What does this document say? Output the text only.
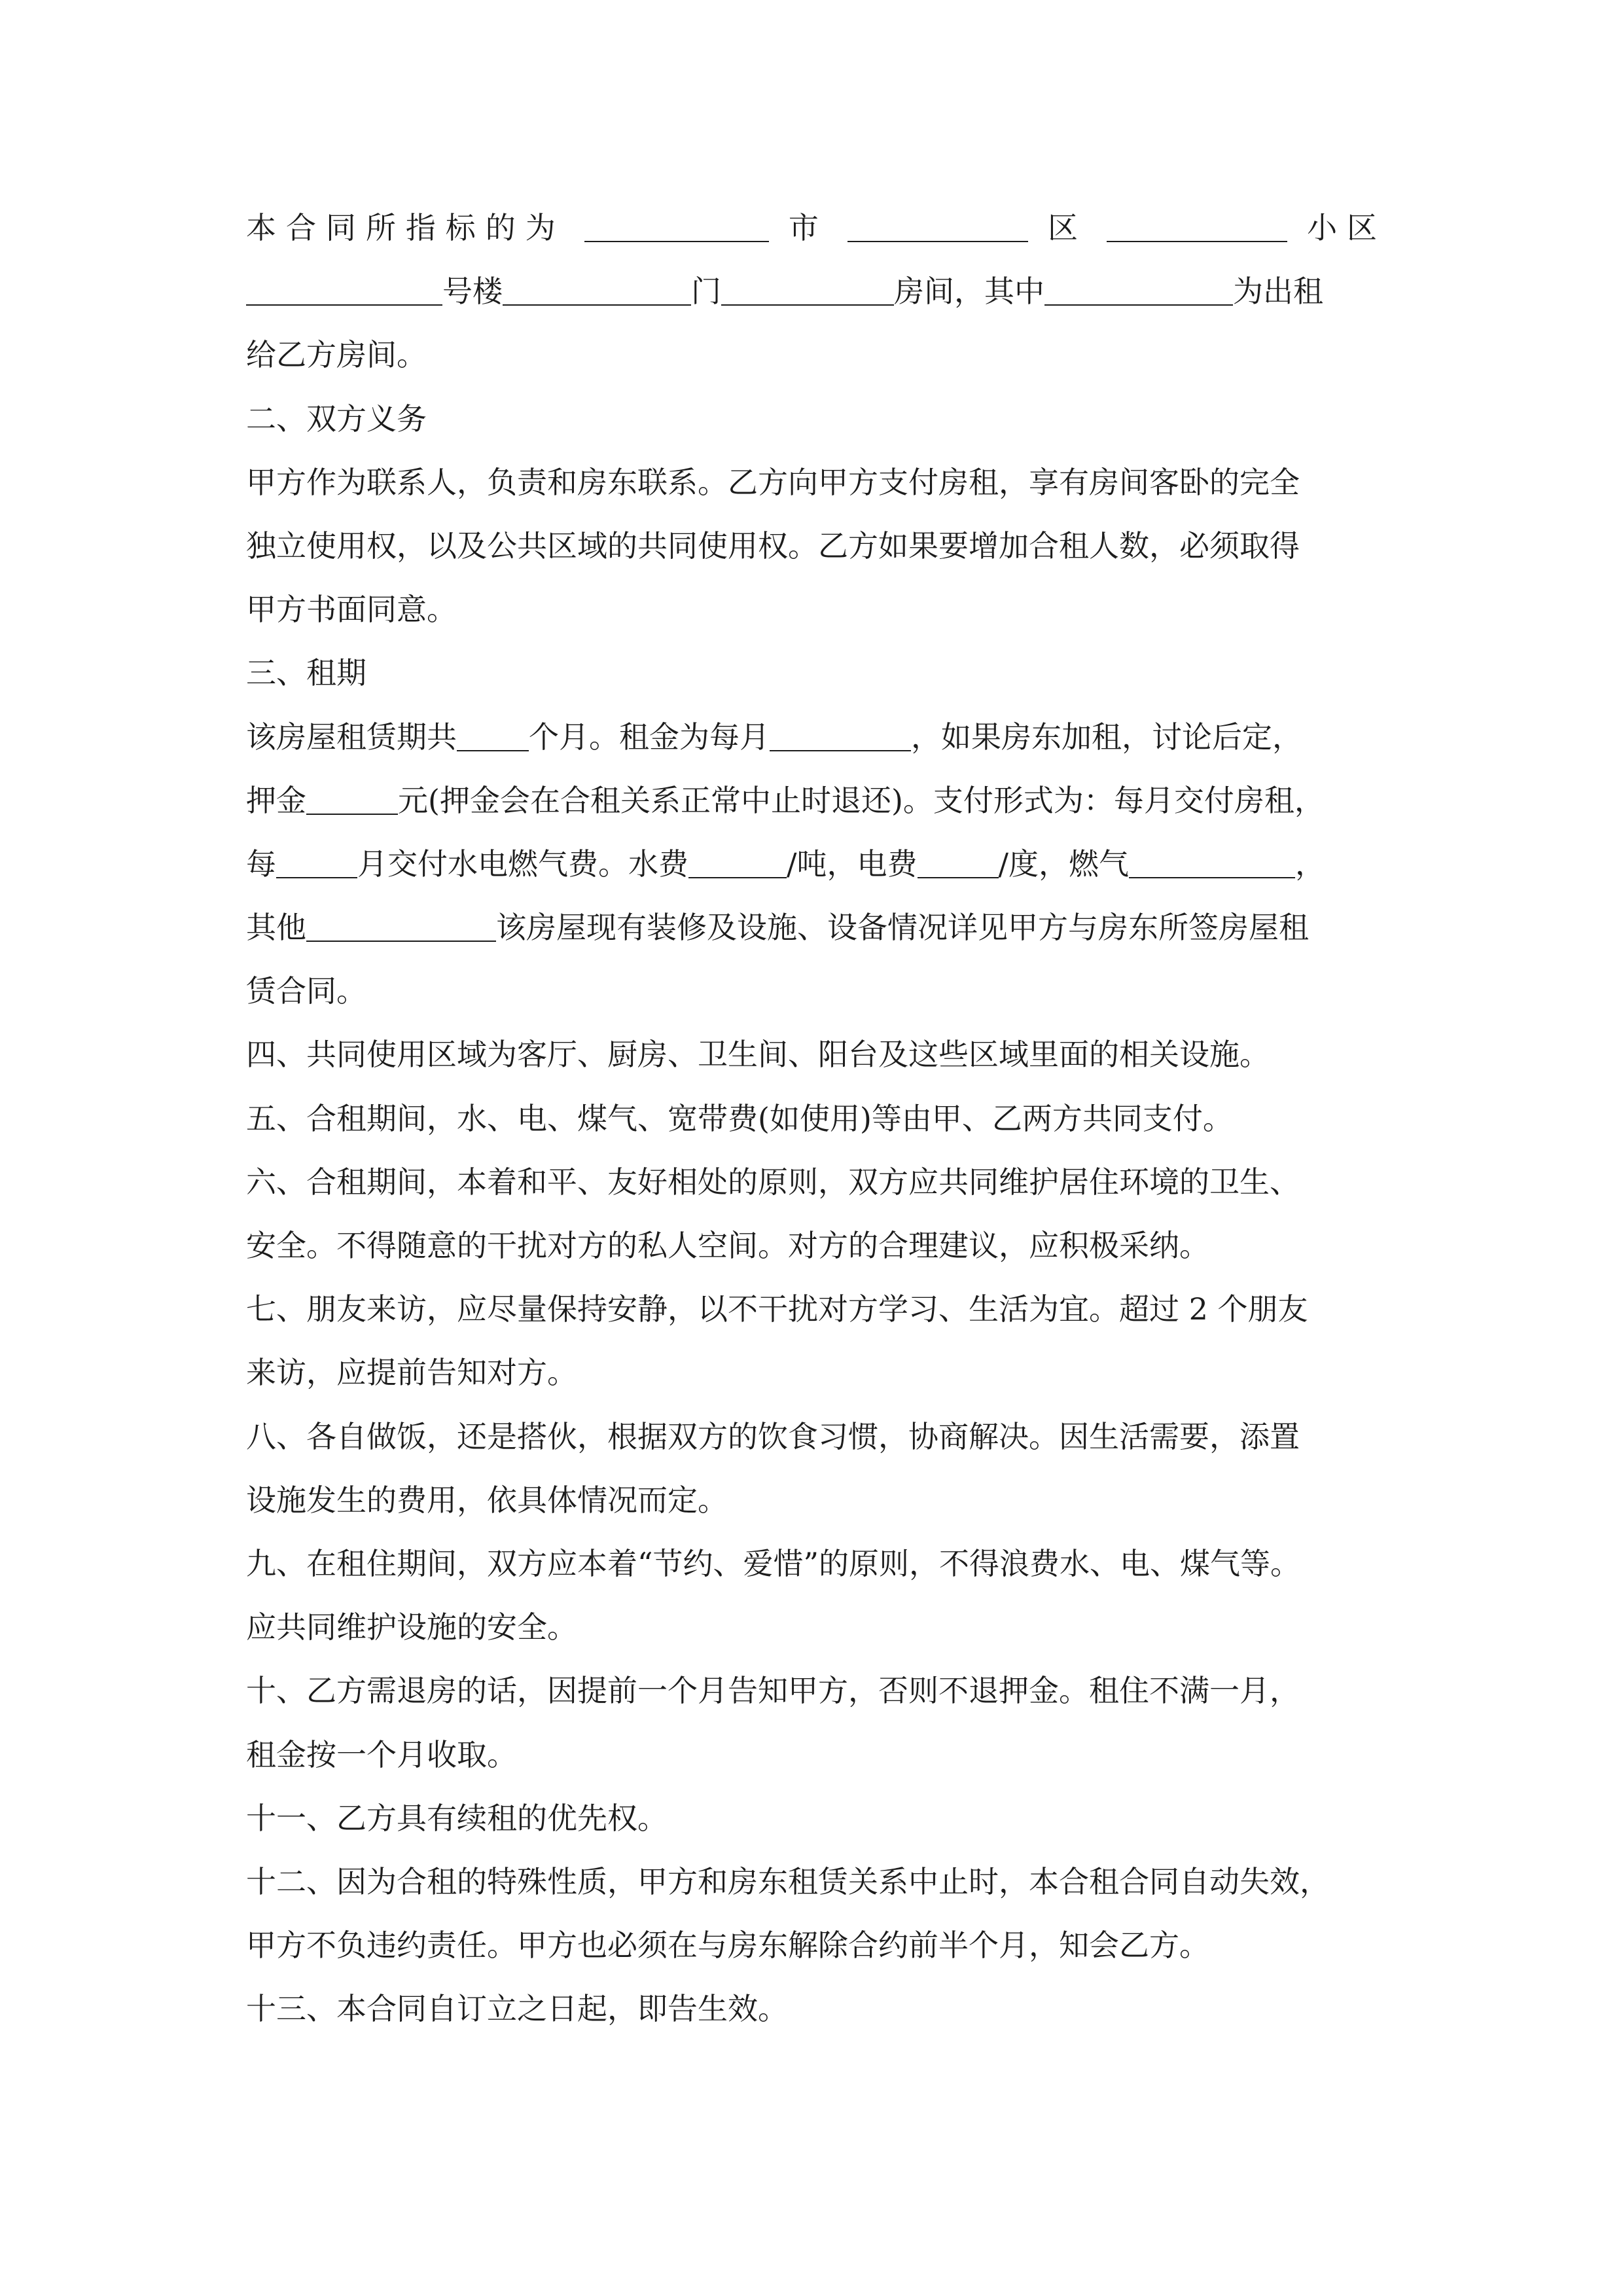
本合同所指标的为	市	区	小区
号楼	门	房间，其中	为出租
给乙方房间。
二、双方义务
甲方作为联系人，负责和房东联系。乙方向甲方支付房租，享有房间客卧的完全
独立使用权，以及公共区域的共同使用权。乙方如果要增加合租人数，必须取得
甲方书面同意。
三、租期
该房屋租赁期共 个月。租金为每月	，如果房东加租，讨论后定，
押金	元(押金会在合租关系正常中止时退还)。支付形式为：每月交付房租，
每	月交付水电燃气费。水费	/吨，电费	/度，燃气	，
其他	该房屋现有装修及设施、设备情况详见甲方与房东所签房屋租
赁合同。
四、共同使用区域为客厅、厨房、卫生间、阳台及这些区域里面的相关设施。
五、合租期间，水、电、煤气、宽带费(如使用)等由甲、乙两方共同支付。
六、合租期间，本着和平、友好相处的原则，双方应共同维护居住环境的卫生、
安全。不得随意的干扰对方的私人空间。对方的合理建议，应积极采纳。
七、朋友来访，应尽量保持安静，以不干扰对方学习、生活为宜。超过 2 个朋友
来访，应提前告知对方。
八、各自做饭，还是搭伙，根据双方的饮食习惯，协商解决。因生活需要，添置
设施发生的费用，依具体情况而定。
九、在租住期间，双方应本着“节约、爱惜”的原则，不得浪费水、电、煤气等。
应共同维护设施的安全。
十、乙方需退房的话，因提前一个月告知甲方，否则不退押金。租住不满一月，
租金按一个月收取。
十一、乙方具有续租的优先权。
十二、因为合租的特殊性质，甲方和房东租赁关系中止时，本合租合同自动失效，
甲方不负违约责任。甲方也必须在与房东解除合约前半个月，知会乙方。
十三、本合同自订立之日起，即告生效。
